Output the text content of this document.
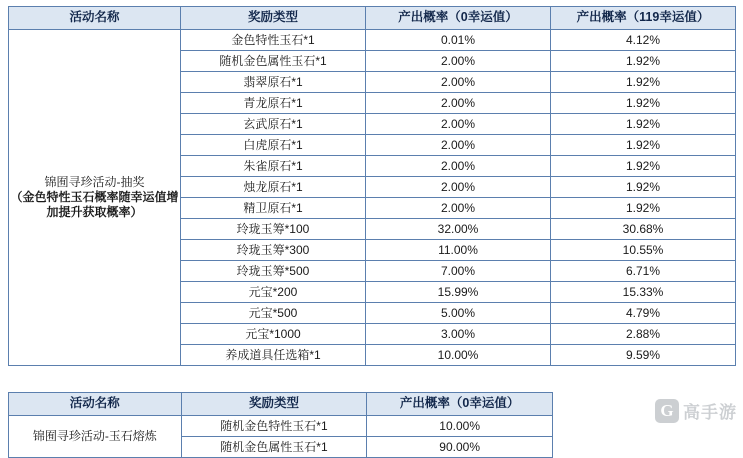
活动名称	奖励类型	产出概率（0幸运值）	产出概率（119幸运值）
锦囿寻珍活动-抽奖
（金色特性玉石概率随幸运值增加提升获取概率）	金色特性玉石*1	0.01%	4.12%
	随机金色属性玉石*1	2.00%	1.92%
	翡翠原石*1	2.00%	1.92%
	青龙原石*1	2.00%	1.92%
	玄武原石*1	2.00%	1.92%
	白虎原石*1	2.00%	1.92%
	朱雀原石*1	2.00%	1.92%
	烛龙原石*1	2.00%	1.92%
	精卫原石*1	2.00%	1.92%
	玲珑玉筹*100	32.00%	30.68%
	玲珑玉筹*300	11.00%	10.55%
	玲珑玉筹*500	7.00%	6.71%
	元宝*200	15.99%	15.33%
	元宝*500	5.00%	4.79%
	元宝*1000	3.00%	2.88%
	养成道具任选箱*1	10.00%	9.59%
活动名称	奖励类型	产出概率（0幸运值）
锦囿寻珍活动-玉石熔炼	随机金色特性玉石*1	10.00%
	随机金色属性玉石*1	90.00%
G 高手游
